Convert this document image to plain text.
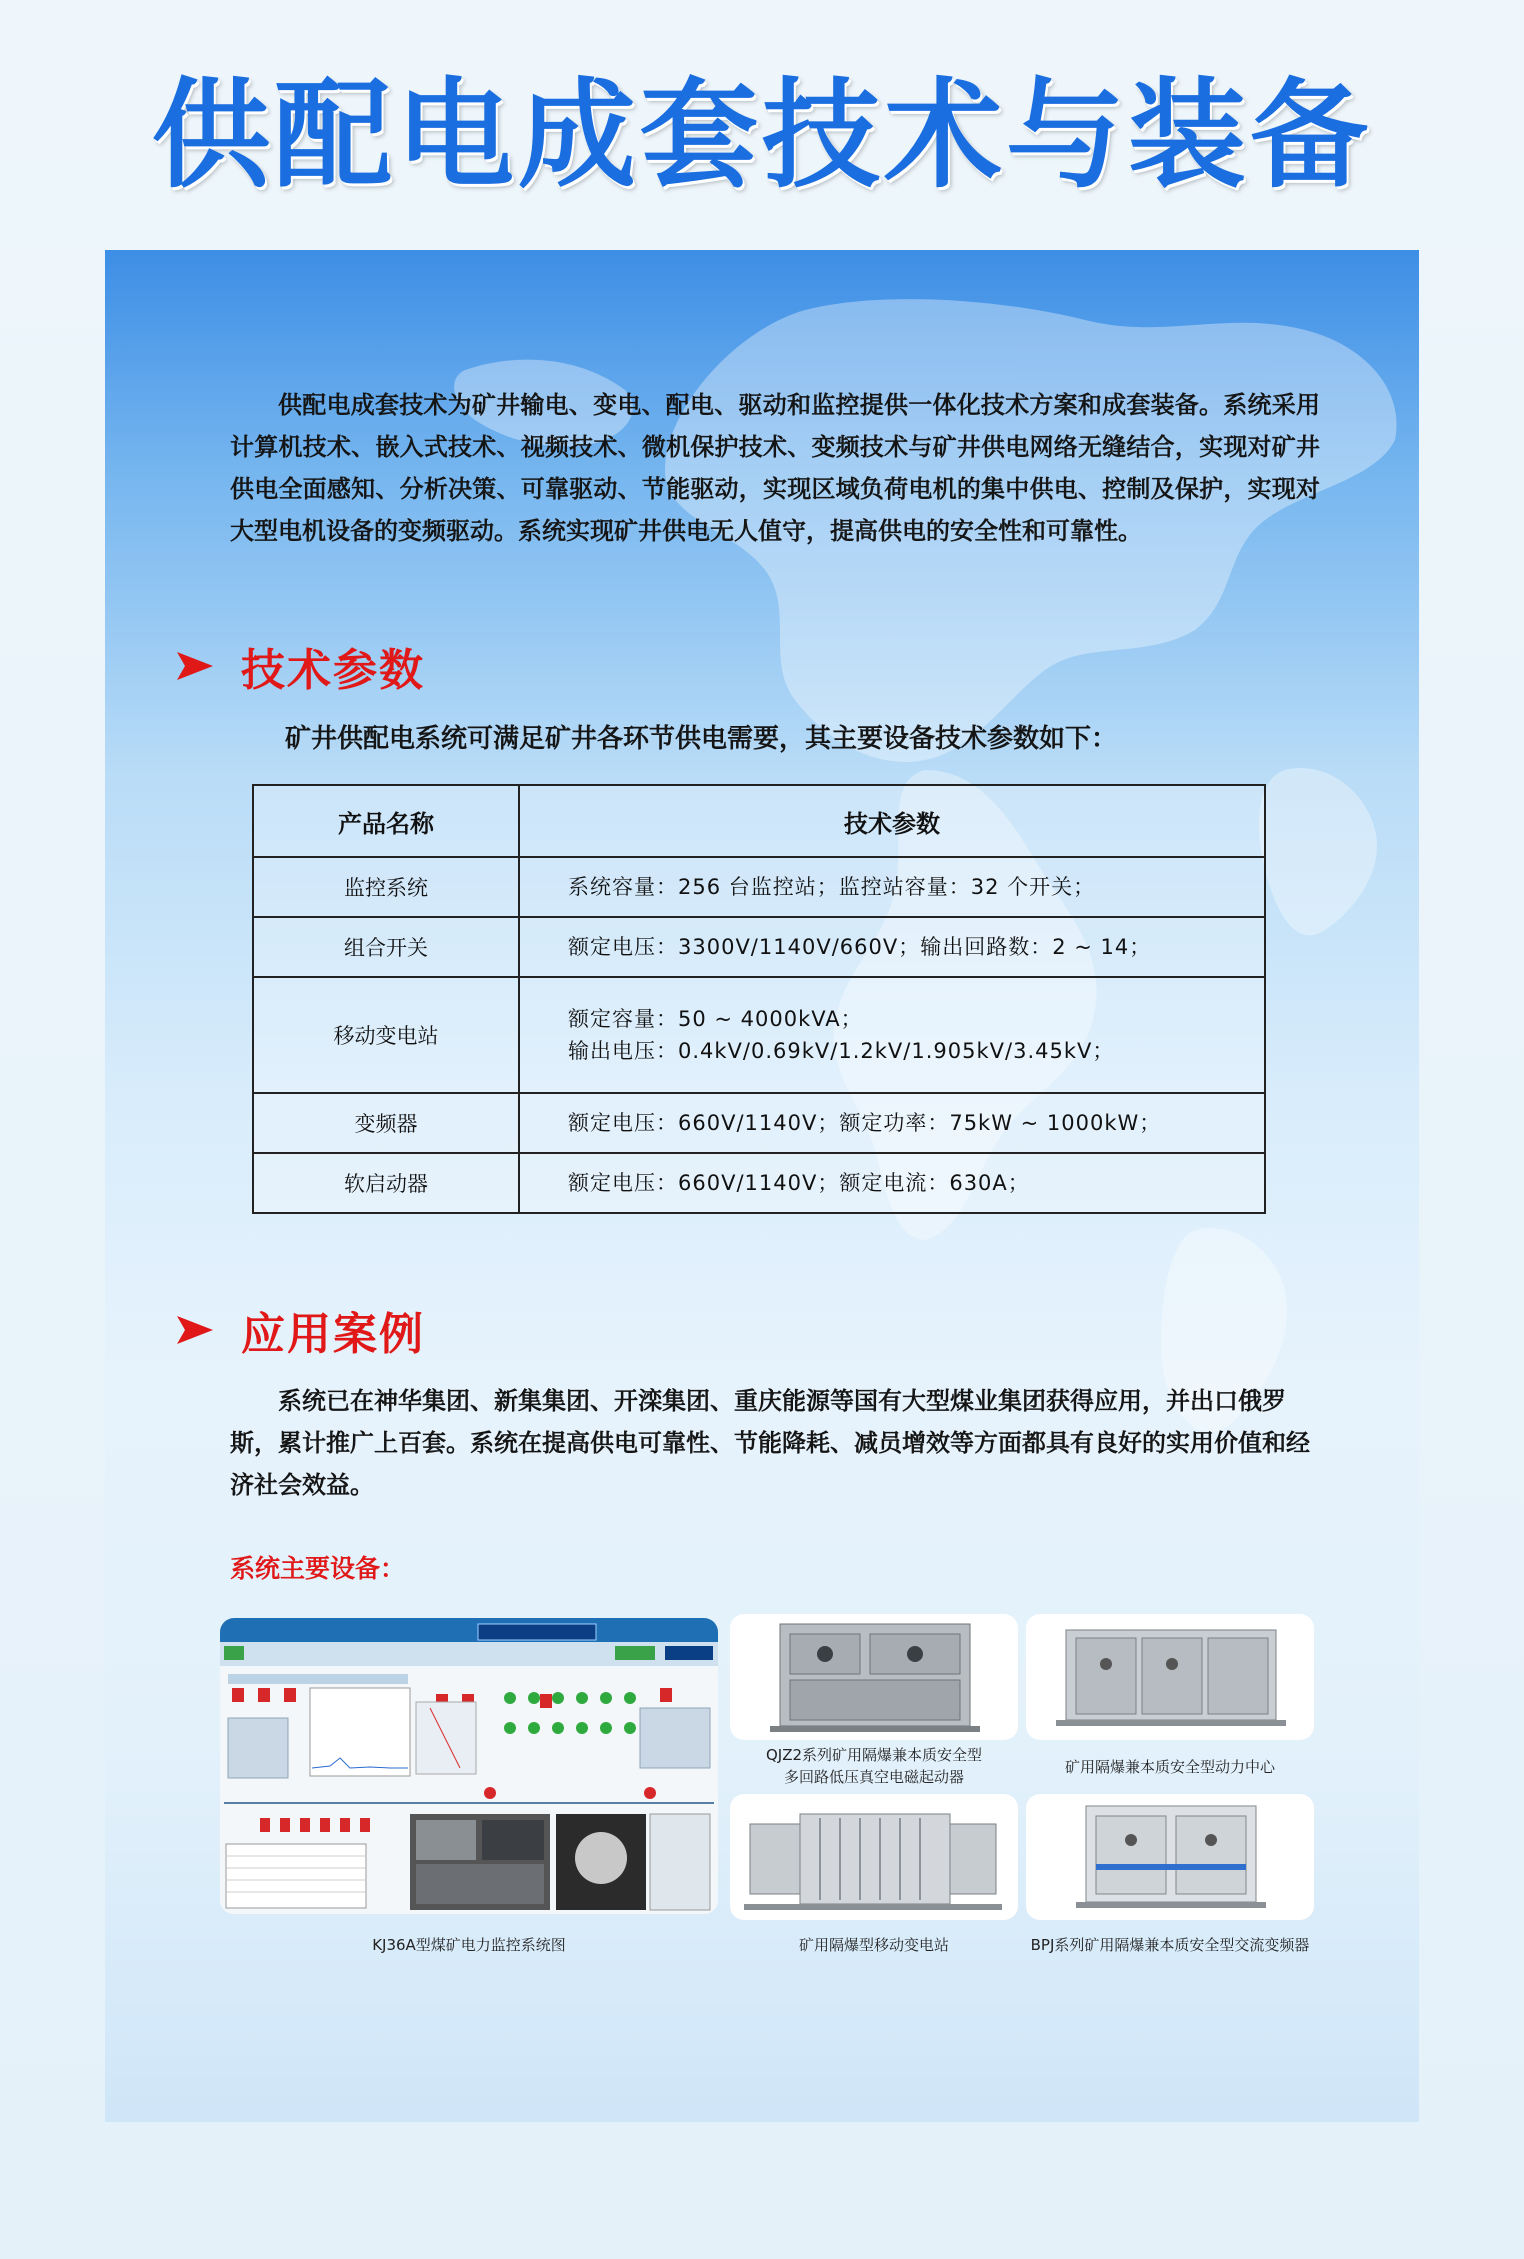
供配电成套技术与装备

供配电成套技术为矿井输电、变电、配电、驱动和监控提供一体化技术方案和成套装备。系统采用计算机技术、嵌入式技术、视频技术、微机保护技术、变频技术与矿井供电网络无缝结合，实现对矿井供电全面感知、分析决策、可靠驱动、节能驱动，实现区域负荷电机的集中供电、控制及保护，实现对大型电机设备的变频驱动。系统实现矿井供电无人值守，提高供电的安全性和可靠性。

技术参数
矿井供配电系统可满足矿井各环节供电需要，其主要设备技术参数如下：
产品名称	技术参数
监控系统	系统容量：256 台监控站；监控站容量：32 个开关；

组合开关	额定电压：3300V/1140V/660V；输出回路数：2 ~ 14；

移动变电站	额定容量：50 ~ 4000kVA；
输出电压：0.4kV/0.69kV/1.2kV/1.905kV/3.45kV；

变频器	额定电压：660V/1140V；额定功率：75kW ~ 1000kW；

软启动器	额定电压：660V/1140V；额定电流：630A；
应用案例

系统已在神华集团、新集集团、开滦集团、重庆能源等国有大型煤业集团获得应用，并出口俄罗斯，累计推广上百套。系统在提高供电可靠性、节能降耗、减员增效等方面都具有良好的实用价值和经济社会效益。

系统主要设备：
QJZ2系列矿用隔爆兼本质安全型
多回路低压真空电磁起动器
矿用隔爆兼本质安全型动力中心
矿用隔爆型移动变电站	BPJ系列矿用隔爆兼本质安全型交流变频器
KJ36A型煤矿电力监控系统图
